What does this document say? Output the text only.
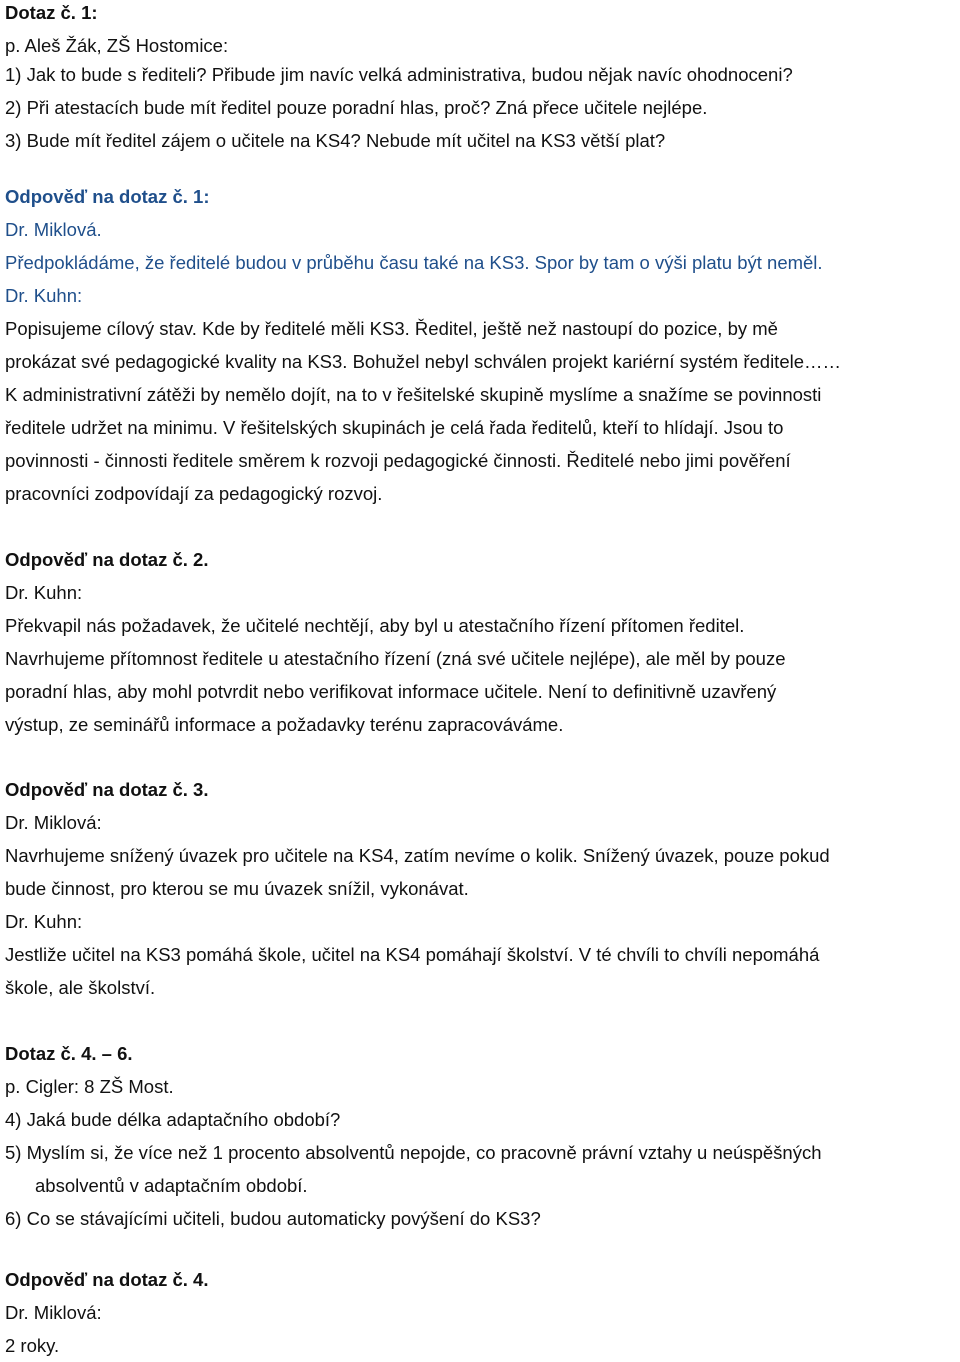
Dotaz č. 1:
p. Aleš Žák, ZŠ Hostomice:
1) Jak to bude s řediteli? Přibude jim navíc velká administrativa, budou nějak navíc ohodnoceni?
2) Při atestacích bude mít ředitel pouze poradní hlas, proč? Zná přece učitele nejlépe.
3) Bude mít ředitel zájem o učitele na KS4? Nebude mít učitel na KS3 větší plat?
Odpověď na dotaz č. 1:
Dr. Miklová.
Předpokládáme, že ředitelé budou v průběhu času také na KS3. Spor by tam o výši platu být neměl.
Dr. Kuhn:
Popisujeme cílový stav. Kde by ředitelé měli KS3. Ředitel, ještě než nastoupí do pozice, by mě
prokázat své pedagogické kvality na KS3. Bohužel nebyl schválen projekt kariérní systém ředitele……
K administrativní zátěži by nemělo dojít, na to v řešitelské skupině myslíme a snažíme se povinnosti
ředitele udržet na minimu. V řešitelských skupinách je celá řada ředitelů, kteří to hlídají. Jsou to
povinnosti - činnosti ředitele směrem k rozvoji pedagogické činnosti. Ředitelé nebo jimi pověření
pracovníci zodpovídají za pedagogický rozvoj.
Odpověď na dotaz č. 2.
Dr. Kuhn:
Překvapil nás požadavek, že učitelé nechtějí, aby byl u atestačního řízení přítomen ředitel.
Navrhujeme přítomnost ředitele u atestačního řízení (zná své učitele nejlépe), ale měl by pouze
poradní hlas, aby mohl potvrdit nebo verifikovat informace učitele. Není to definitivně uzavřený
výstup, ze seminářů informace a požadavky terénu zapracováváme.
Odpověď na dotaz č. 3.
Dr. Miklová:
Navrhujeme snížený úvazek pro učitele na KS4, zatím nevíme o kolik. Snížený úvazek, pouze pokud
bude činnost, pro kterou se mu úvazek snížil, vykonávat.
Dr. Kuhn:
Jestliže učitel na KS3 pomáhá škole, učitel na KS4 pomáhají školství. V té chvíli to chvíli nepomáhá
škole, ale školství.
Dotaz č. 4. – 6.
p. Cigler: 8 ZŠ Most.
4) Jaká bude délka adaptačního období?
5) Myslím si, že více než 1 procento absolventů nepojde, co pracovně právní vztahy u neúspěšných
absolventů v adaptačním období.
6) Co se stávajícími učiteli, budou automaticky povýšení do KS3?
Odpověď na dotaz č. 4.
Dr. Miklová:
2 roky.
